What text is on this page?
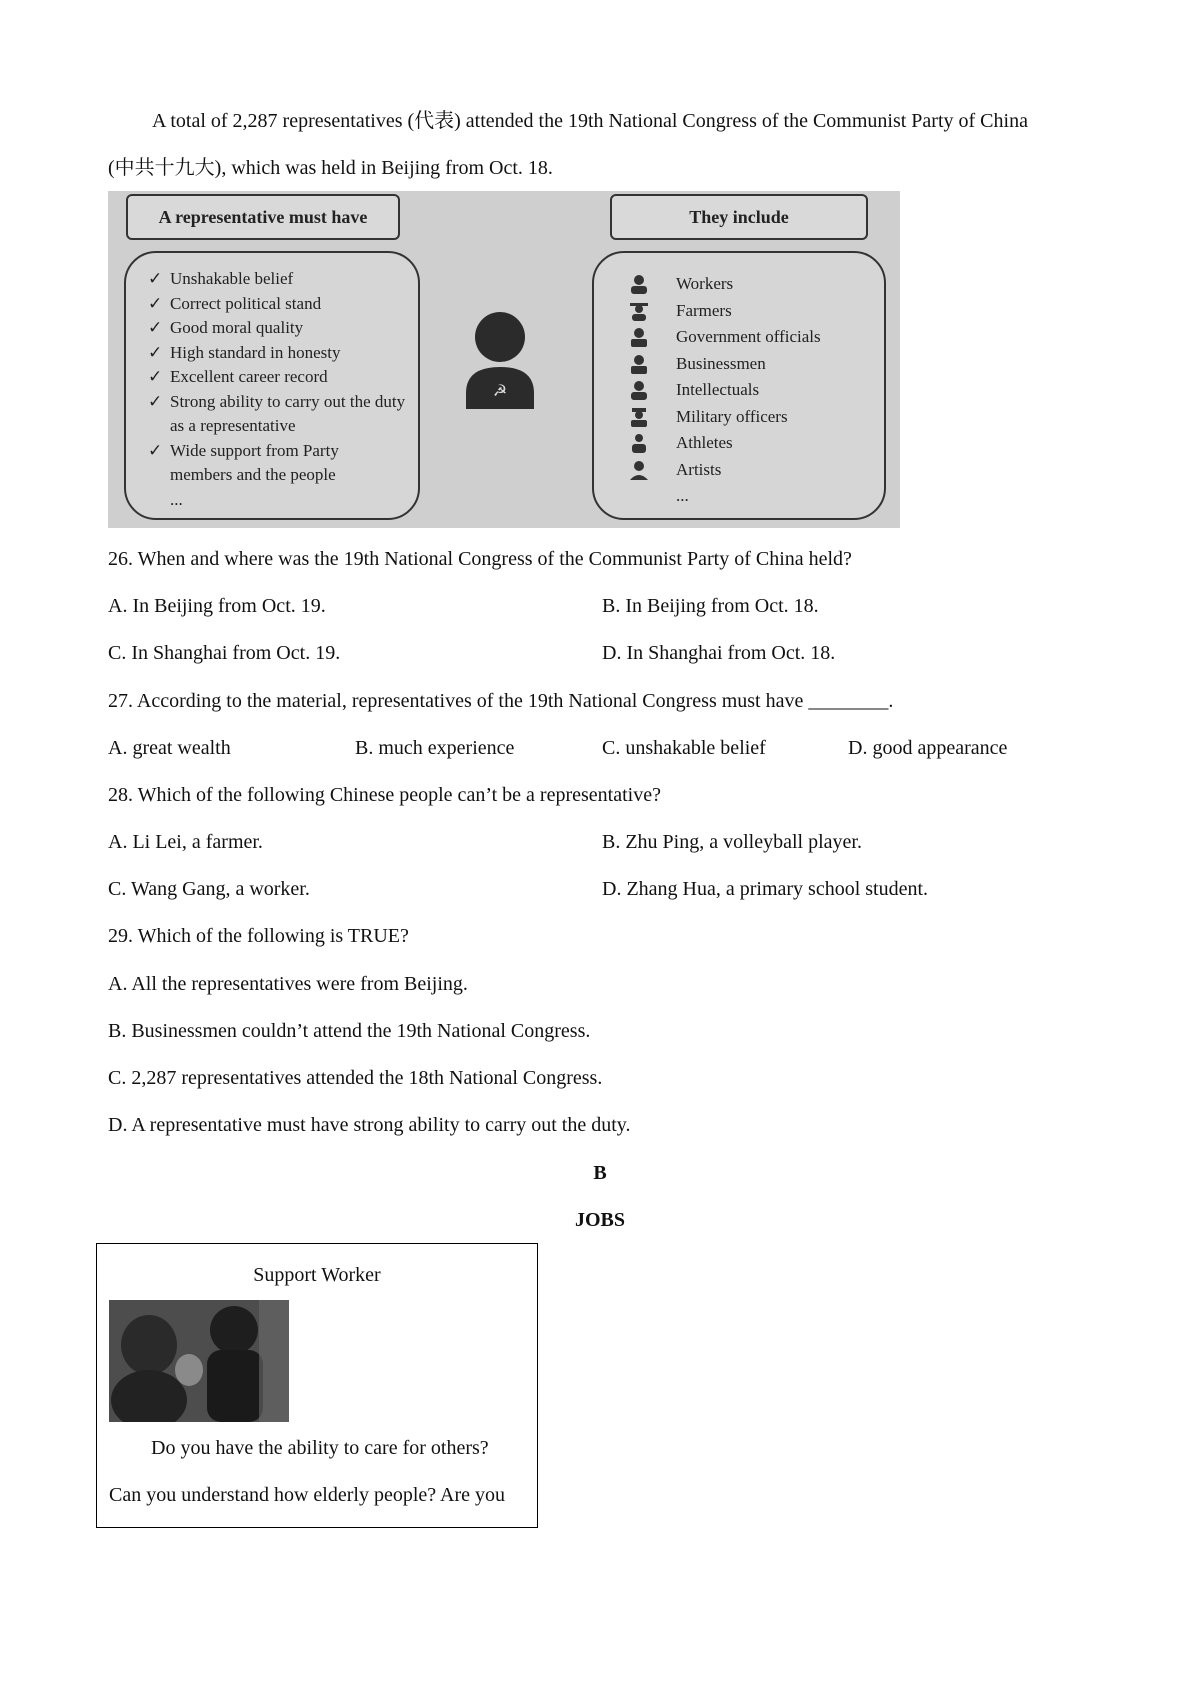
A total of 2,287 representatives (代表) attended the 19th National Congress of the Communist Party of China
(中共十九大), which was held in Beijing from Oct. 18.
A representative must have	They include
✓ Unshakable belief
✓ Correct political stand
✓ Good moral quality
✓ High standard in honesty
✓ Excellent career record
✓ Strong ability to carry out the duty as a representative
✓ Wide support from Party members and the people
...
☭
Workers
Farmers
Government officials
Businessmen
Intellectuals
Military officers
Athletes
Artists
...
26. When and where was the 19th National Congress of the Communist Party of China held?
A. In Beijing from Oct. 19.	B. In Beijing from Oct. 18.
C. In Shanghai from Oct. 19.	D. In Shanghai from Oct. 18.
27. According to the material, representatives of the 19th National Congress must have ________.
A. great wealth	B. much experience	C. unshakable belief	D. good appearance
28. Which of the following Chinese people can’t be a representative?
A. Li Lei, a farmer.	B. Zhu Ping, a volleyball player.
C. Wang Gang, a worker.	D. Zhang Hua, a primary school student.
29. Which of the following is TRUE?
A. All the representatives were from Beijing.
B. Businessmen couldn’t attend the 19th National Congress.
C. 2,287 representatives attended the 18th National Congress.
D. A representative must have strong ability to carry out the duty.
B
JOBS
Support Worker
Do you have the ability to care for others?
Can you understand how elderly people? Are you
